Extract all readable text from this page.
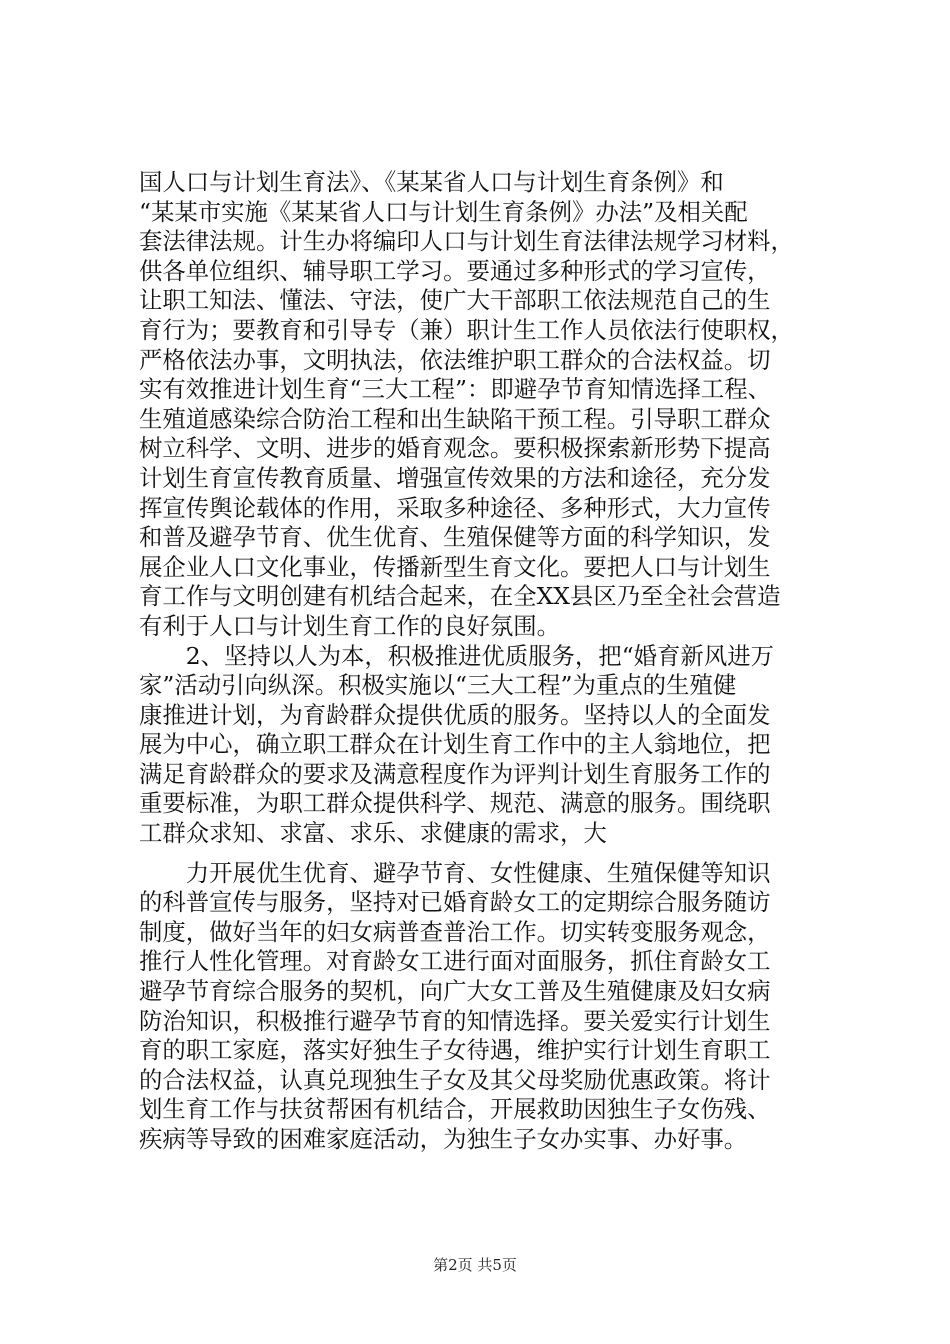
国人口与计划生育法》、《某某省人口与计划生育条例》和
“某某市实施《某某省人口与计划生育条例》办法”及相关配
套法律法规。计生办将编印人口与计划生育法律法规学习材料，
供各单位组织、辅导职工学习。要通过多种形式的学习宣传，
让职工知法、懂法、守法，使广大干部职工依法规范自己的生
育行为；要教育和引导专（兼）职计生工作人员依法行使职权，
严格依法办事，文明执法，依法维护职工群众的合法权益。切
实有效推进计划生育“三大工程”：即避孕节育知情选择工程、
生殖道感染综合防治工程和出生缺陷干预工程。引导职工群众
树立科学、文明、进步的婚育观念。要积极探索新形势下提高
计划生育宣传教育质量、增强宣传效果的方法和途径，充分发
挥宣传舆论载体的作用，采取多种途径、多种形式，大力宣传
和普及避孕节育、优生优育、生殖保健等方面的科学知识，发
展企业人口文化事业，传播新型生育文化。要把人口与计划生
育工作与文明创建有机结合起来，在全XX县区乃至全社会营造
有利于人口与计划生育工作的良好氛围。
　　2、坚持以人为本，积极推进优质服务，把“婚育新风进万
家”活动引向纵深。积极实施以“三大工程”为重点的生殖健
康推进计划，为育龄群众提供优质的服务。坚持以人的全面发
展为中心，确立职工群众在计划生育工作中的主人翁地位，把
满足育龄群众的要求及满意程度作为评判计划生育服务工作的
重要标准，为职工群众提供科学、规范、满意的服务。围绕职
工群众求知、求富、求乐、求健康的需求，大
　　力开展优生优育、避孕节育、女性健康、生殖保健等知识
的科普宣传与服务，坚持对已婚育龄女工的定期综合服务随访
制度，做好当年的妇女病普查普治工作。切实转变服务观念，
推行人性化管理。对育龄女工进行面对面服务，抓住育龄女工
避孕节育综合服务的契机，向广大女工普及生殖健康及妇女病
防治知识，积极推行避孕节育的知情选择。要关爱实行计划生
育的职工家庭，落实好独生子女待遇，维护实行计划生育职工
的合法权益，认真兑现独生子女及其父母奖励优惠政策。将计
划生育工作与扶贫帮困有机结合，开展救助因独生子女伤残、
疾病等导致的困难家庭活动，为独生子女办实事、办好事。
第2页 共5页
